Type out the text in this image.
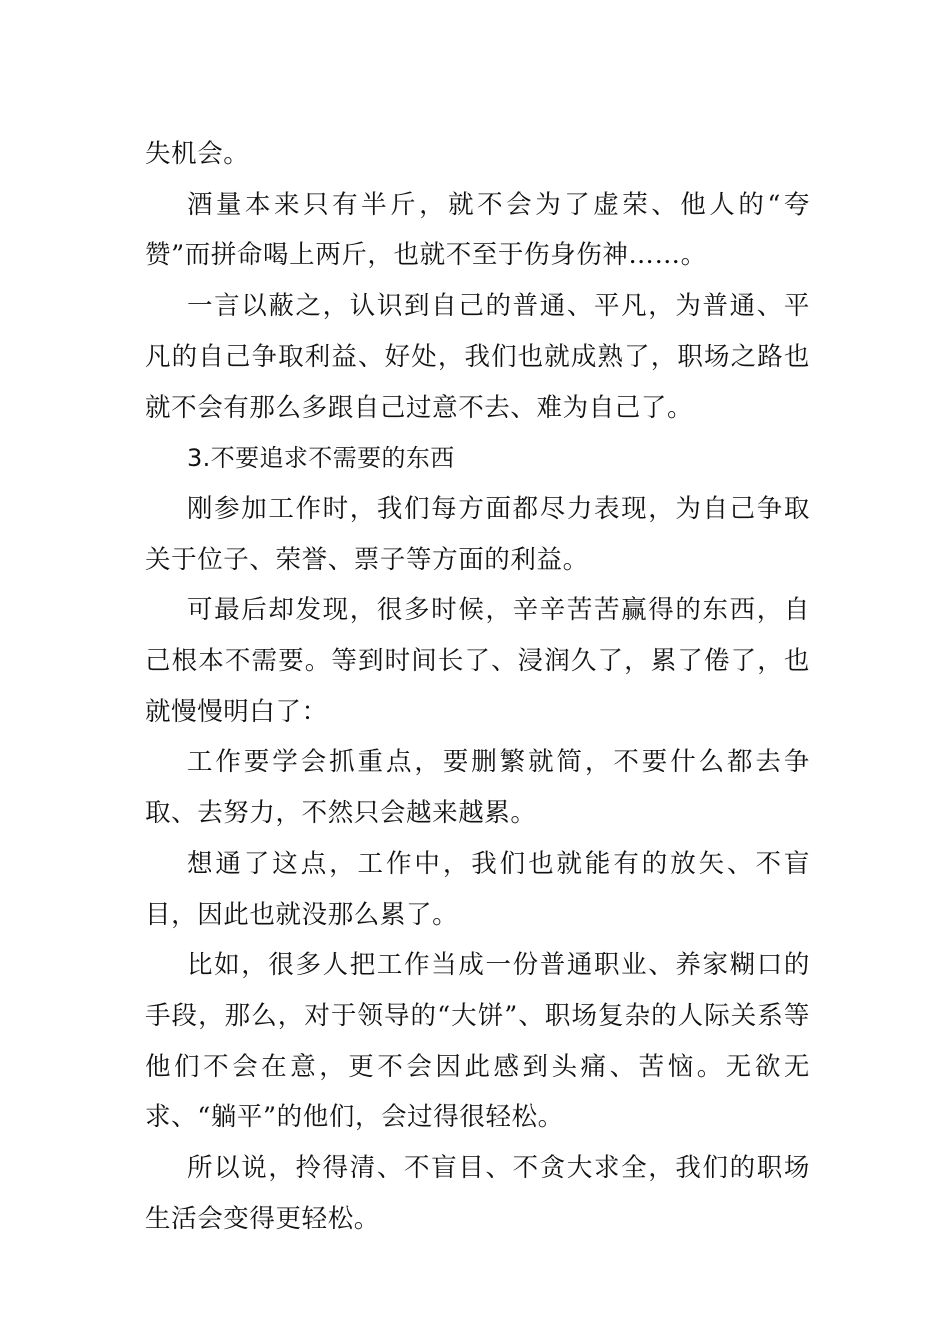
失机会。

酒量本来只有半斤，就不会为了虚荣、他人的“夸赞”而拼命喝上两斤，也就不至于伤身伤神……。

一言以蔽之，认识到自己的普通、平凡，为普通、平凡的自己争取利益、好处，我们也就成熟了，职场之路也就不会有那么多跟自己过意不去、难为自己了。

3.不要追求不需要的东西

刚参加工作时，我们每方面都尽力表现，为自己争取关于位子、荣誉、票子等方面的利益。

可最后却发现，很多时候，辛辛苦苦赢得的东西，自己根本不需要。等到时间长了、浸润久了，累了倦了，也就慢慢明白了：

工作要学会抓重点，要删繁就简，不要什么都去争取、去努力，不然只会越来越累。

想通了这点，工作中，我们也就能有的放矢、不盲目，因此也就没那么累了。

比如，很多人把工作当成一份普通职业、养家糊口的手段，那么，对于领导的“大饼”、职场复杂的人际关系等他们不会在意，更不会因此感到头痛、苦恼。无欲无求、“躺平”的他们，会过得很轻松。

所以说，拎得清、不盲目、不贪大求全，我们的职场生活会变得更轻松。
